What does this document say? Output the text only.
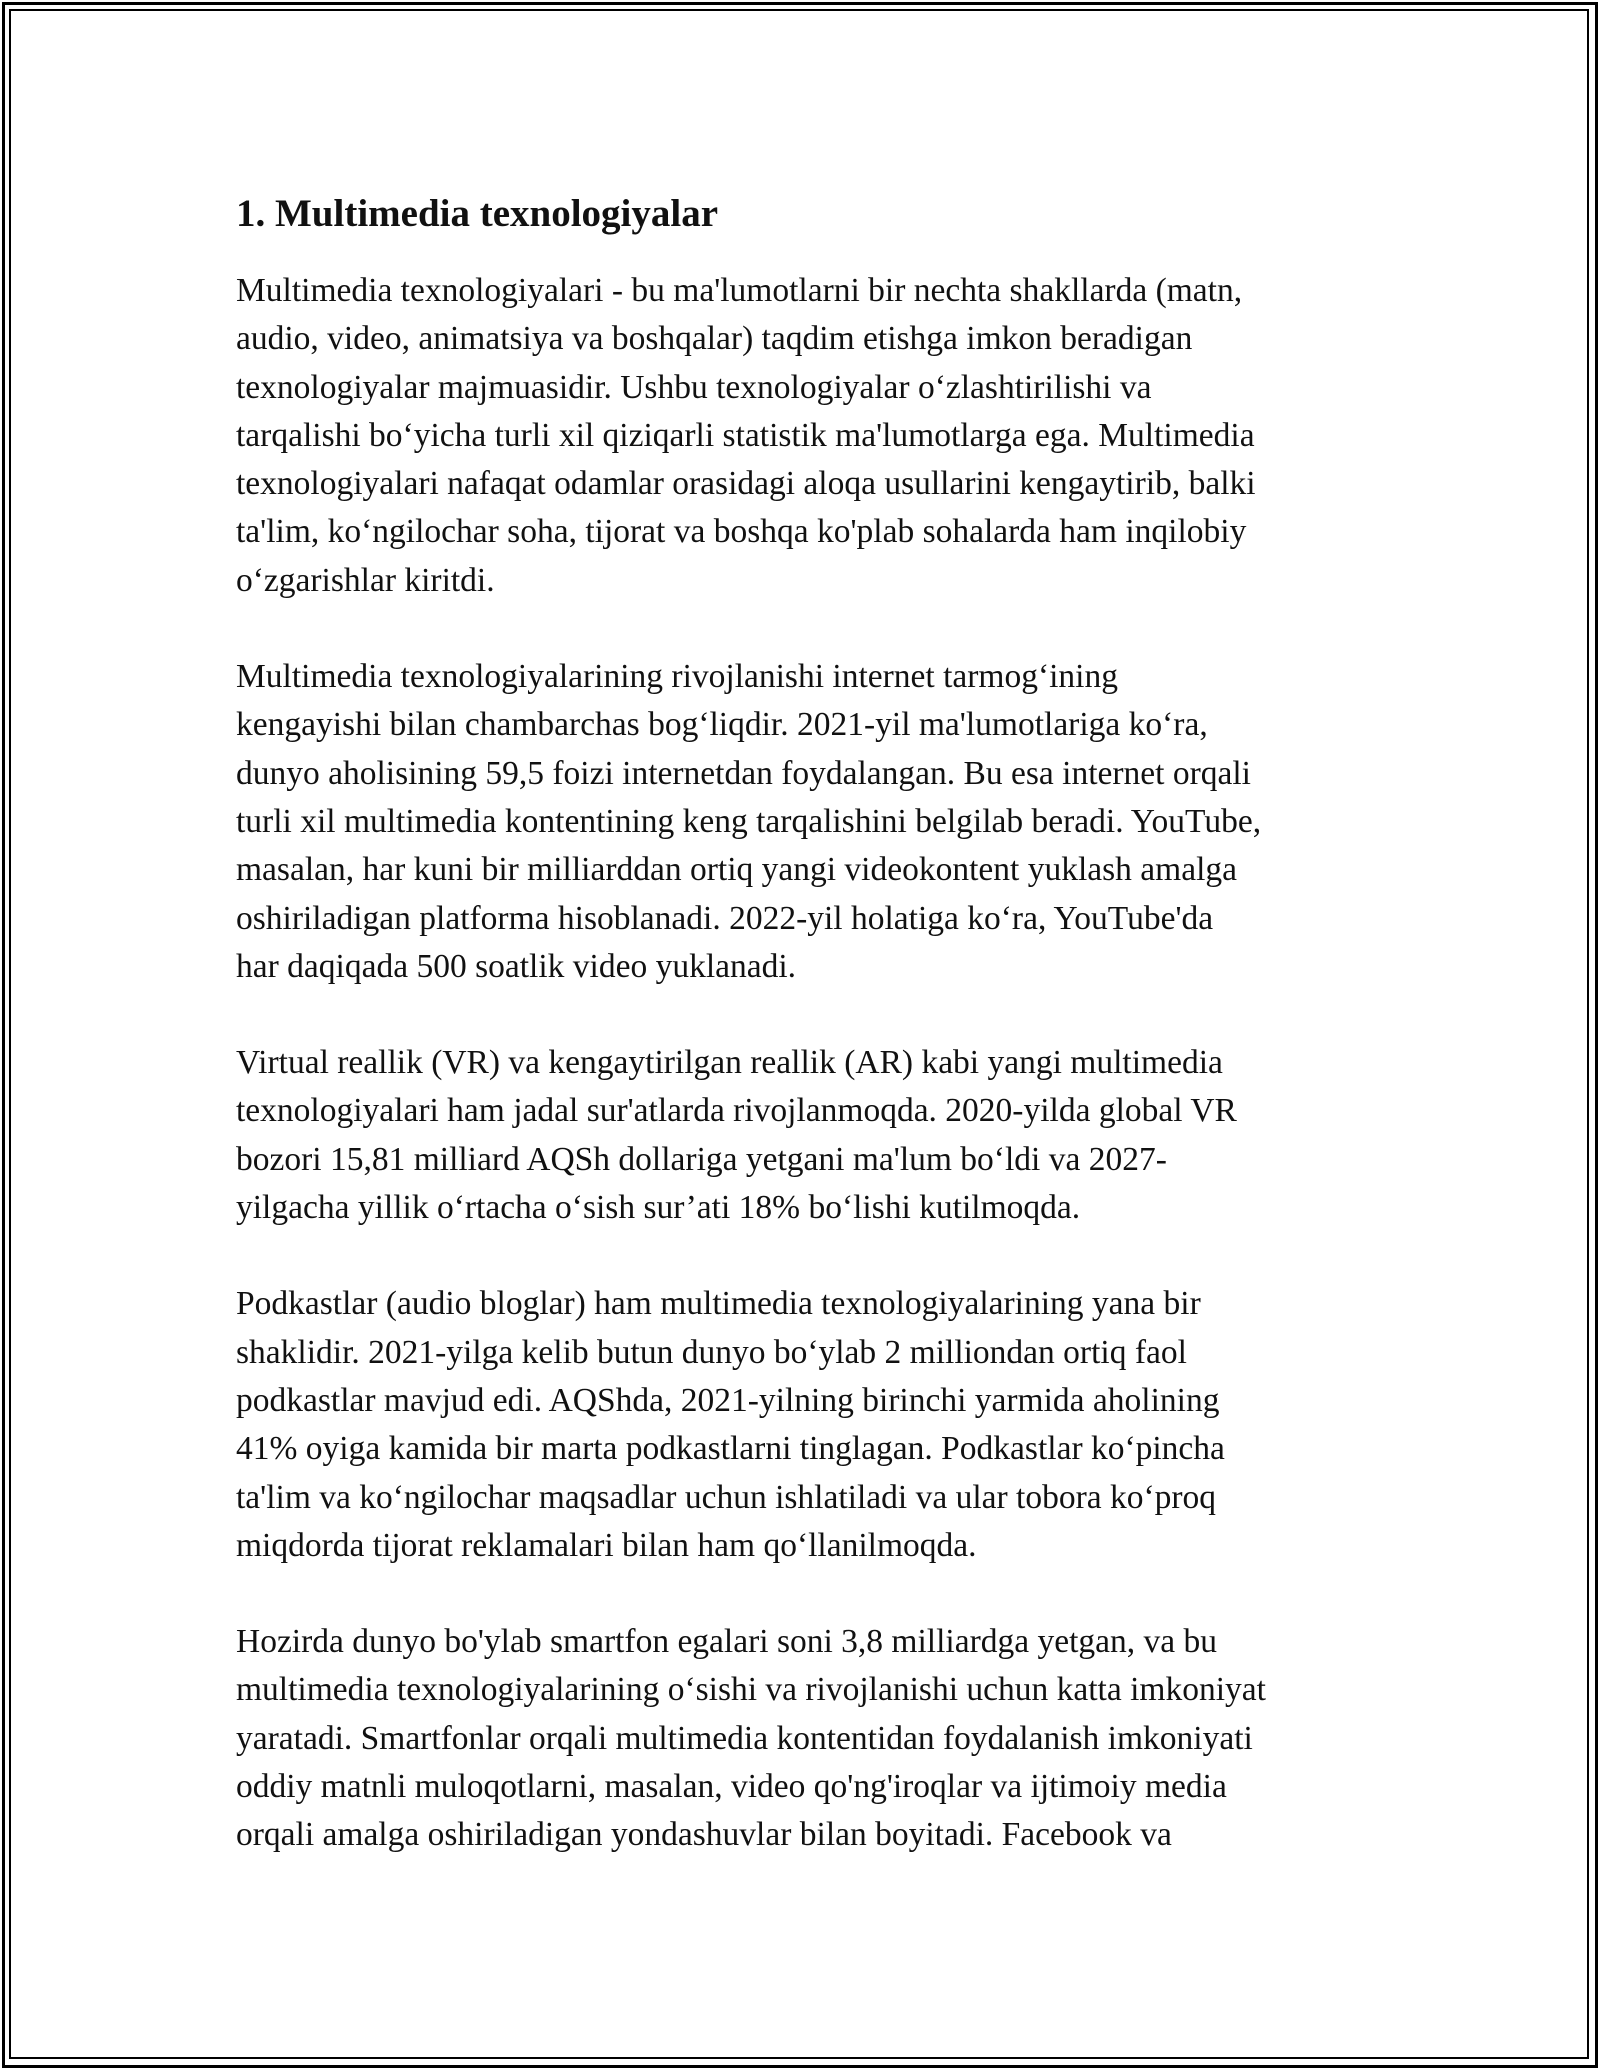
1. Multimedia texnologiyalar

Multimedia texnologiyalari - bu ma'lumotlarni bir nechta shakllarda (matn,
audio, video, animatsiya va boshqalar) taqdim etishga imkon beradigan
texnologiyalar majmuasidir. Ushbu texnologiyalar oʻzlashtirilishi va
tarqalishi boʻyicha turli xil qiziqarli statistik ma'lumotlarga ega. Multimedia
texnologiyalari nafaqat odamlar orasidagi aloqa usullarini kengaytirib, balki
ta'lim, koʻngilochar soha, tijorat va boshqa ko'plab sohalarda ham inqilobiy
oʻzgarishlar kiritdi.

Multimedia texnologiyalarining rivojlanishi internet tarmogʻining
kengayishi bilan chambarchas bogʻliqdir. 2021-yil ma'lumotlariga koʻra,
dunyo aholisining 59,5 foizi internetdan foydalangan. Bu esa internet orqali
turli xil multimedia kontentining keng tarqalishini belgilab beradi. YouTube,
masalan, har kuni bir milliarddan ortiq yangi videokontent yuklash amalga
oshiriladigan platforma hisoblanadi. 2022-yil holatiga koʻra, YouTube'da
har daqiqada 500 soatlik video yuklanadi.

Virtual reallik (VR) va kengaytirilgan reallik (AR) kabi yangi multimedia
texnologiyalari ham jadal sur'atlarda rivojlanmoqda. 2020-yilda global VR
bozori 15,81 milliard AQSh dollariga yetgani ma'lum boʻldi va 2027-
yilgacha yillik oʻrtacha oʻsish sur’ati 18% boʻlishi kutilmoqda.

Podkastlar (audio bloglar) ham multimedia texnologiyalarining yana bir
shaklidir. 2021-yilga kelib butun dunyo boʻylab 2 milliondan ortiq faol
podkastlar mavjud edi. AQShda, 2021-yilning birinchi yarmida aholining
41% oyiga kamida bir marta podkastlarni tinglagan. Podkastlar koʻpincha
ta'lim va koʻngilochar maqsadlar uchun ishlatiladi va ular tobora koʻproq
miqdorda tijorat reklamalari bilan ham qoʻllanilmoqda.

Hozirda dunyo bo'ylab smartfon egalari soni 3,8 milliardga yetgan, va bu
multimedia texnologiyalarining oʻsishi va rivojlanishi uchun katta imkoniyat
yaratadi. Smartfonlar orqali multimedia kontentidan foydalanish imkoniyati
oddiy matnli muloqotlarni, masalan, video qo'ng'iroqlar va ijtimoiy media
orqali amalga oshiriladigan yondashuvlar bilan boyitadi. Facebook va
